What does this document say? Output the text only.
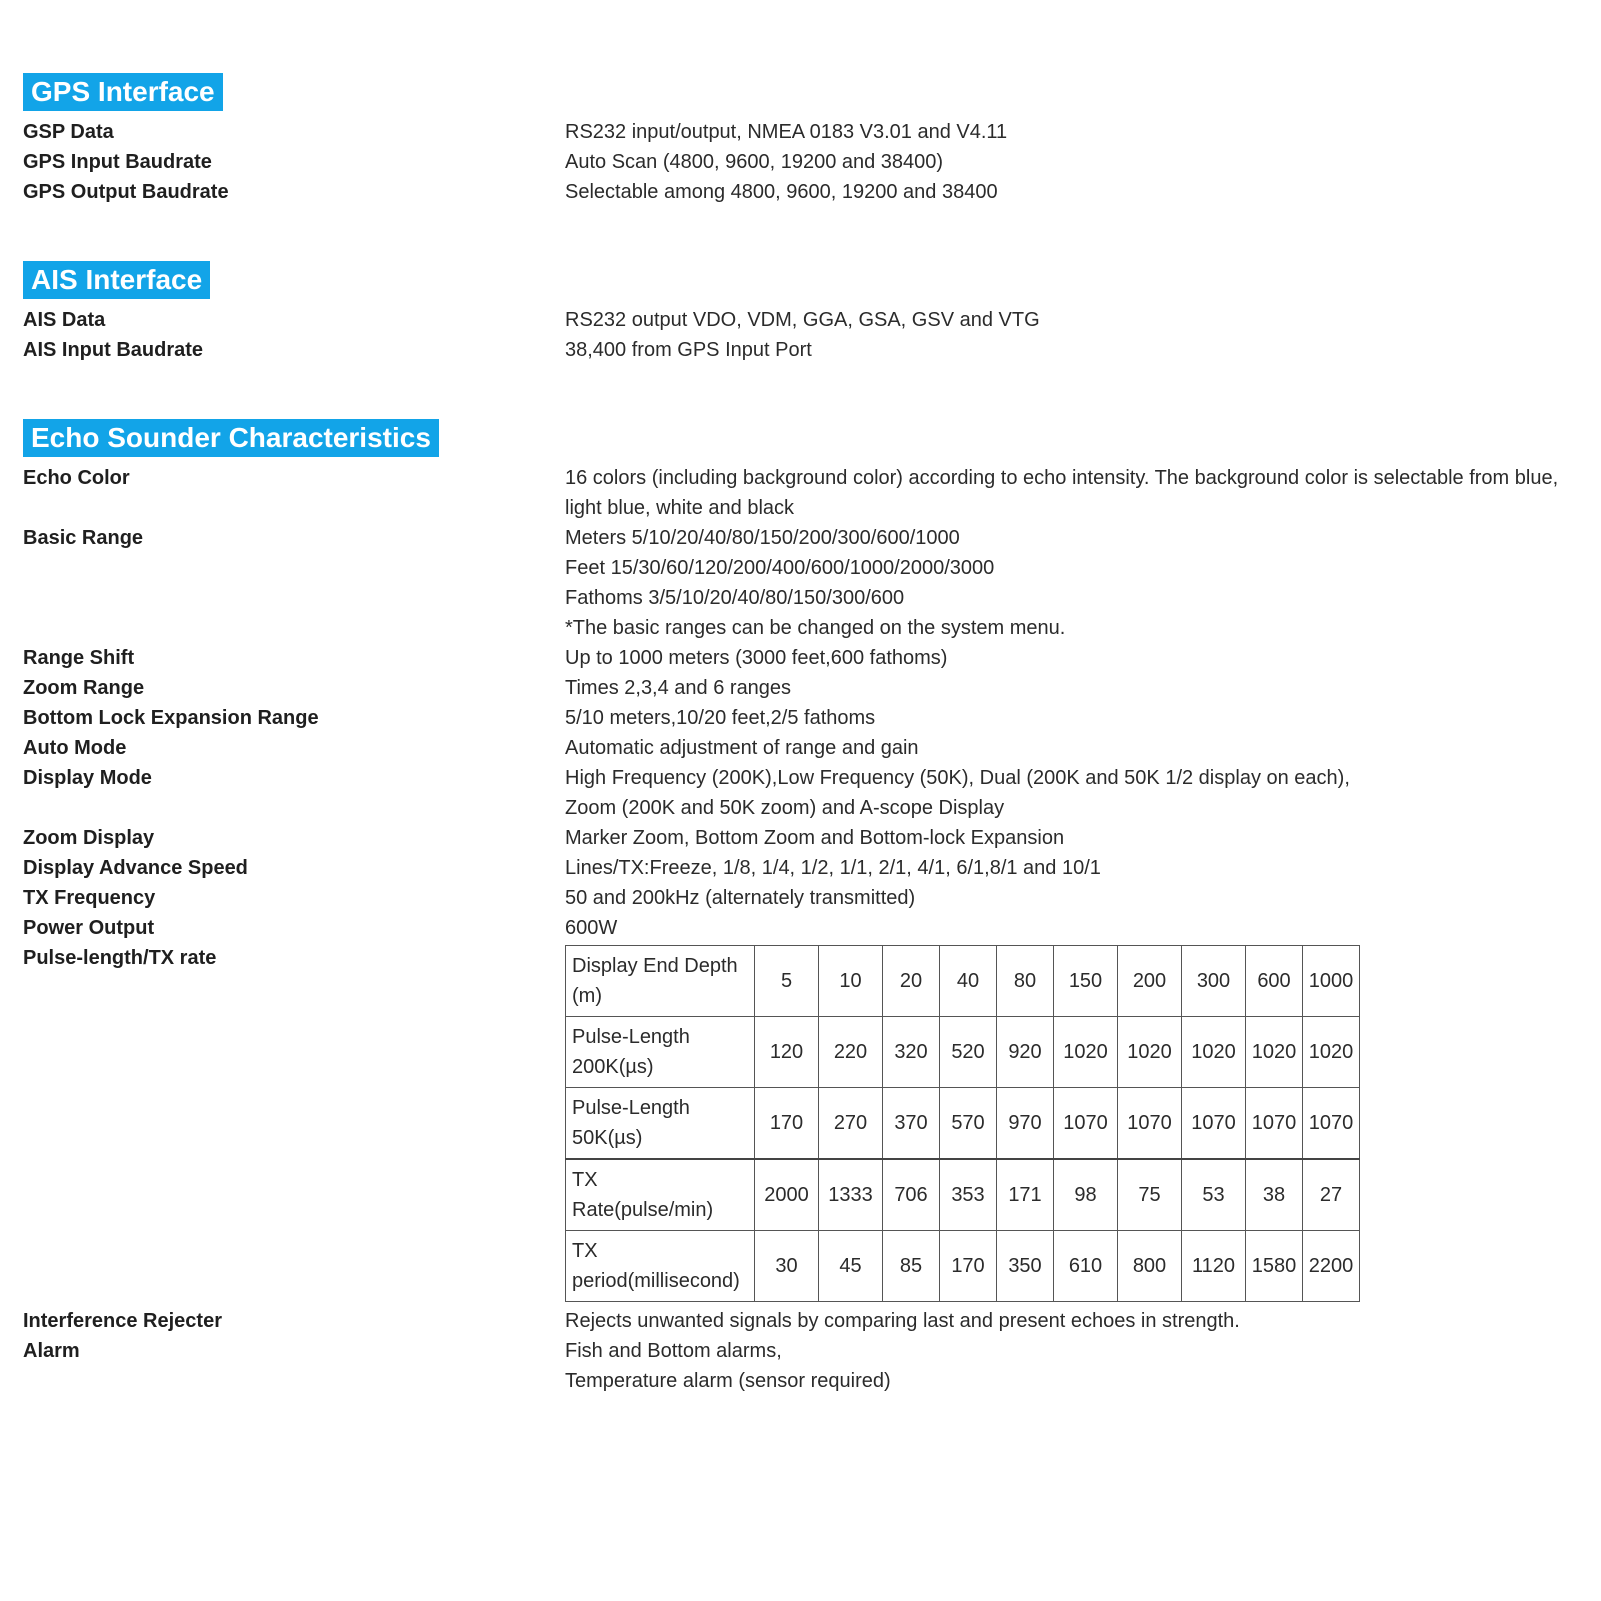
GPS Interface
GSP Data	RS232 input/output, NMEA 0183 V3.01 and V4.11
GPS Input Baudrate	Auto Scan (4800, 9600, 19200 and 38400)
GPS Output Baudrate	Selectable among 4800, 9600, 19200 and 38400
AIS Interface
AIS Data	RS232 output VDO, VDM, GGA, GSA, GSV and VTG
AIS Input Baudrate	38,400 from GPS Input Port
Echo Sounder Characteristics
Echo Color	16 colors (including background color) according to echo intensity. The background color is selectable from blue,
light blue, white and black
Basic Range	Meters 5/10/20/40/80/150/200/300/600/1000
Feet 15/30/60/120/200/400/600/1000/2000/3000
Fathoms 3/5/10/20/40/80/150/300/600
*The basic ranges can be changed on the system menu.
Range Shift	Up to 1000 meters (3000 feet,600 fathoms)
Zoom Range	Times 2,3,4 and 6 ranges
Bottom Lock Expansion Range	5/10 meters,10/20 feet,2/5 fathoms
Auto Mode	Automatic adjustment of range and gain
Display Mode	High Frequency (200K),Low Frequency (50K), Dual (200K and 50K 1/2 display on each),
Zoom (200K and 50K zoom) and A-scope Display
Zoom Display	Marker Zoom, Bottom Zoom and Bottom-lock Expansion
Display Advance Speed	Lines/TX:Freeze, 1/8, 1/4, 1/2, 1/1, 2/1, 4/1, 6/1,8/1 and 10/1
TX Frequency	50 and 200kHz (alternately transmitted)
Power Output	600W
Pulse-length/TX rate	Display End Depth
(m)	5	10	20	40	80	150	200	300	600	1000

Pulse-Length
200K(µs)	120	220	320	520	920	1020	1020	1020	1020	1020

Pulse-Length
50K(µs)	170	270	370	570	970	1070	1070	1070	1070	1070

TX
Rate(pulse/min)	2000	1333	706	353	171	98	75	53	38	27

TX
period(millisecond)	30	45	85	170	350	610	800	1120	1580	2200
Interference Rejecter	Rejects unwanted signals by comparing last and present echoes in strength.
Alarm	Fish and Bottom alarms,
Temperature alarm (sensor required)
